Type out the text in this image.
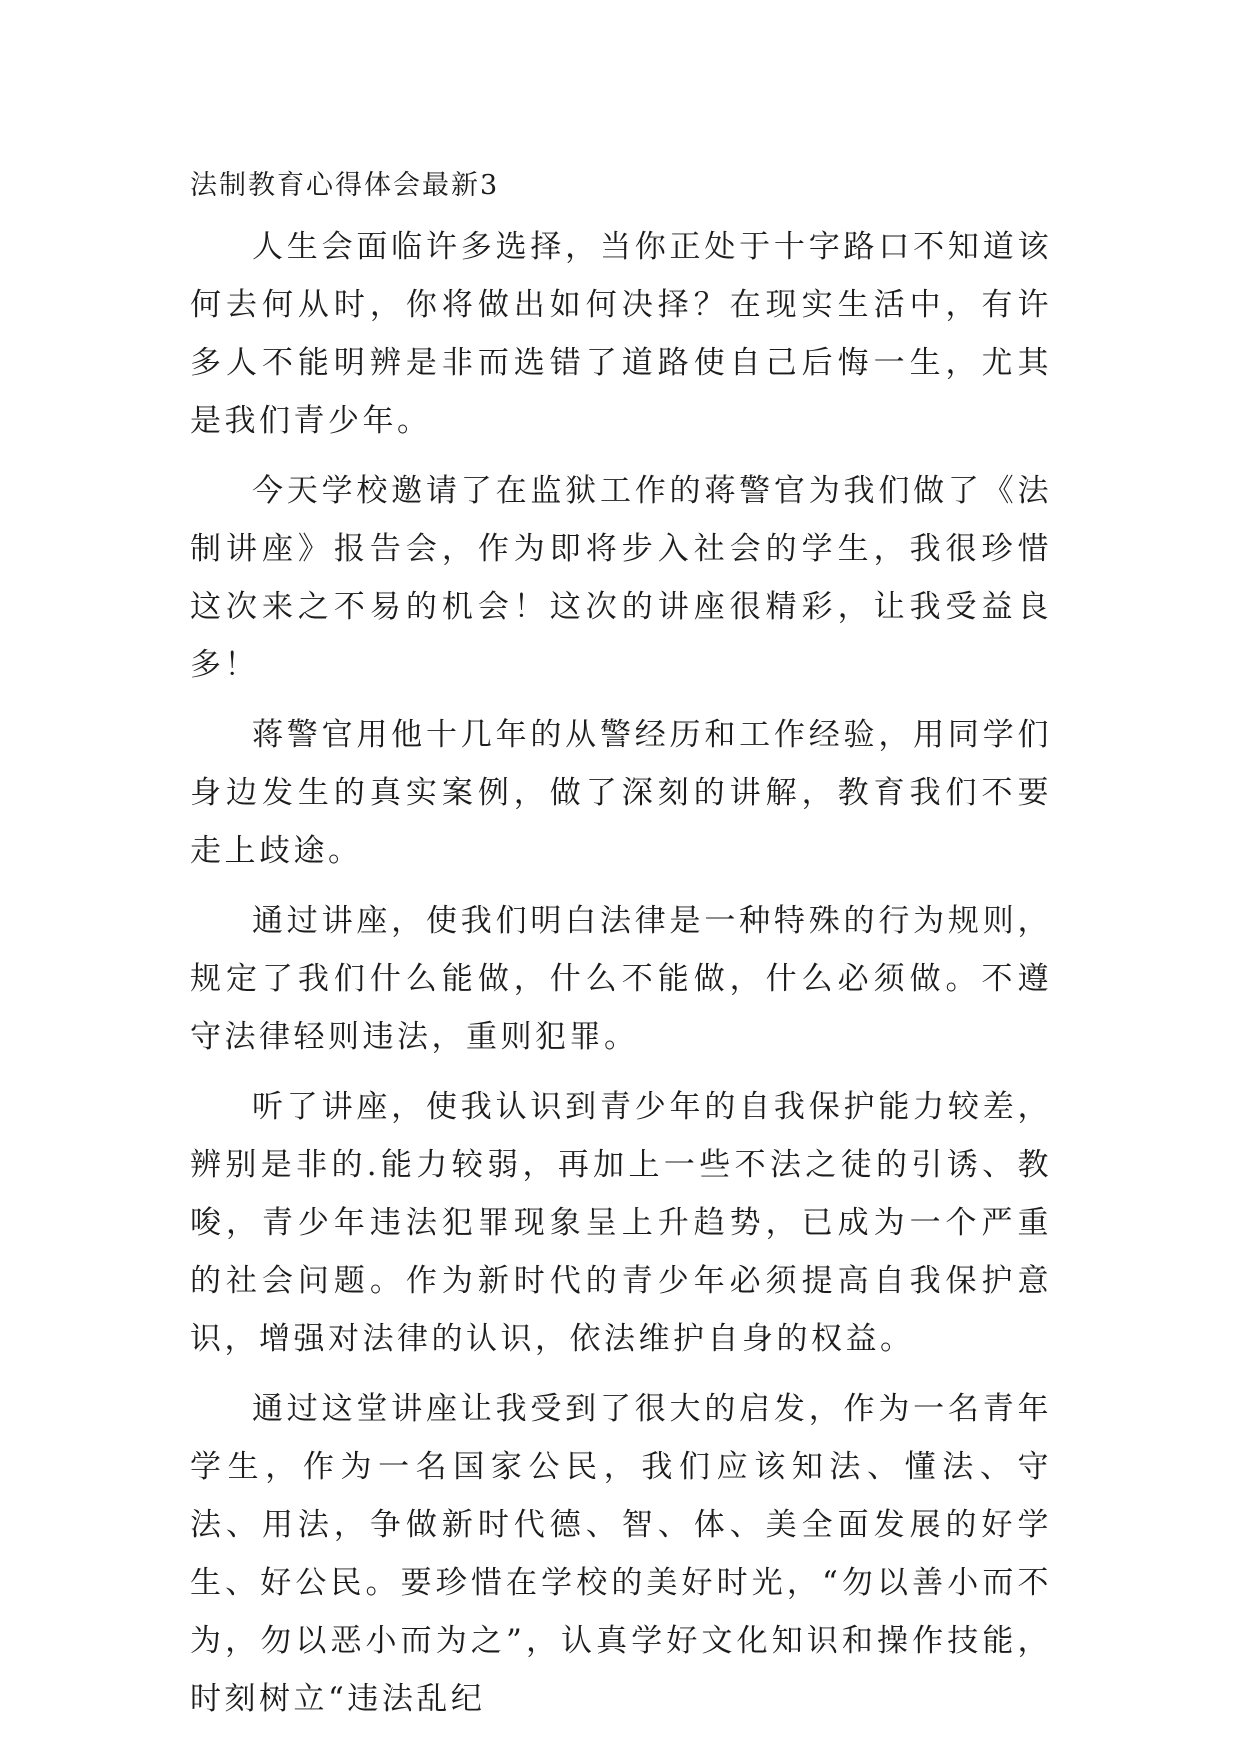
法制教育心得体会最新3

人生会面临许多选择，当你正处于十字路口不知道该何去何从时，你将做出如何决择？在现实生活中，有许多人不能明辨是非而选错了道路使自己后悔一生，尤其是我们青少年。

今天学校邀请了在监狱工作的蒋警官为我们做了《法制讲座》报告会，作为即将步入社会的学生，我很珍惜这次来之不易的机会！这次的讲座很精彩，让我受益良多！

蒋警官用他十几年的从警经历和工作经验，用同学们身边发生的真实案例，做了深刻的讲解，教育我们不要走上歧途。

通过讲座，使我们明白法律是一种特殊的行为规则，规定了我们什么能做，什么不能做，什么必须做。不遵守法律轻则违法，重则犯罪。

听了讲座，使我认识到青少年的自我保护能力较差，辨别是非的.能力较弱，再加上一些不法之徒的引诱、教唆，青少年违法犯罪现象呈上升趋势，已成为一个严重的社会问题。作为新时代的青少年必须提高自我保护意识，增强对法律的认识，依法维护自身的权益。

通过这堂讲座让我受到了很大的启发，作为一名青年学生，作为一名国家公民，我们应该知法、懂法、守法、用法，争做新时代德、智、体、美全面发展的好学生、好公民。要珍惜在学校的美好时光，“勿以善小而不为，勿以恶小而为之”，认真学好文化知识和操作技能，时刻树立“违法乱纪
